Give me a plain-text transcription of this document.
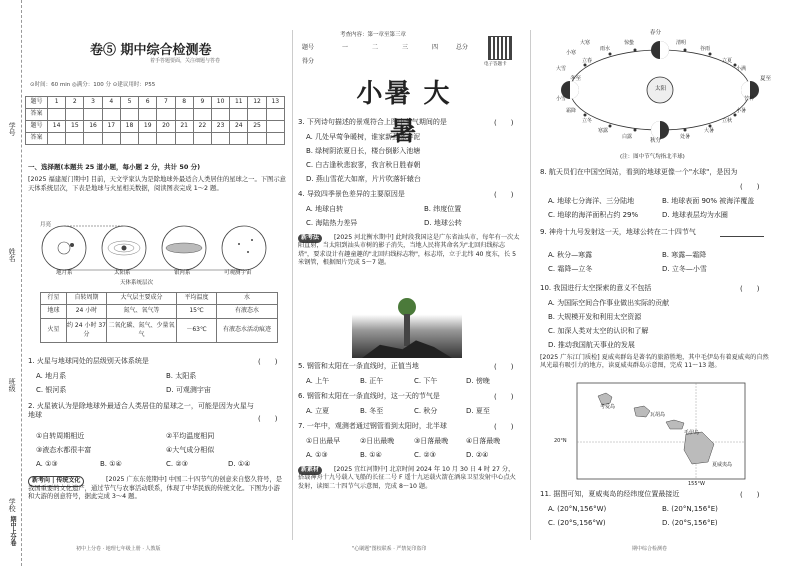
学号
姓名
班级
学校
期中上分卷
卷⑤ 期中综合检测卷
着手答题要面，关注细题与答卷
⊙时间：60 min ◎满分：100 分 ⊙建议用时：P55
题号	1	2	3	4	5	6	7	8	9	10	11	12	13
答案													
题号	14	15	16	17	18	19	20	21	22	23	24	25	
答案													
一、选择题(本题共 25 道小题，每小题 2 分，共计 50 分)
[2025 福建厦门期中] 目前，天文学家认为是除地球外最适合人类居住的星球之一。下图示意天体系统层次，下表是地球与火星相关数据，阅读图表完成 1～2 题。
月亮
地月系	太阳系	银河系	可观测宇宙
天体系统层次
行星	自转周期	大气层主要成分	平均温度	水
地球	24 小时	氮气、氧气等	15℃	有液态水
火星	约 24 小时 37 分	二氧化碳、氮气、少量氧气	－63℃	有液态水活动痕迹
1. 火星与地球同处的层级别天体系统是	(　　)
A. 地月系	B. 太阳系
C. 银河系	D. 可观测宇宙
2. 火星被认为是除地球外最适合人类居住的星球之一，可能是因为火星与地球	(　　)
①自转周期相近	②平均温度相同
③液态水都很丰富	④大气成分相似
A. ①③	B. ①④	C. ②③	D. ①④
新考向 | 传统文化	[2025 广东东莞期中] 中国二十四节气的创意来自悠久符号，是我国重要的文化遗产，通过节气与农事活动联系，体现了中华民族的传统文化。下图为小游和大游的创意符号，据此完成 3～4 题。
初中上分卷 · 地理七年级上册 · 人教版
考查内容：第一章至第三章
题号	一	二	三	四	总分
得分	电子答题卡
小暑 大暑
3. 下列诗句描述的景观符合上图中节气期间的是	(　　)
A. 几处早莺争暖树，谁家新燕啄春泥
B. 绿树阴浓夏日长，楼台倒影入池塘
C. 白古逢秋悲寂寥，我言秋日胜春朝
D. 燕山雪花大如席，片片吹落轩辕台
4. 导致四季景色差异的主要原因是	(　　)
A. 地球自转	B. 纬度位置
C. 海陆热力差异	D. 地球公转
新考法	[2025 河北衡水期中] 此时段我国这是广东省汕头市，每年有一次太阳直射，当太阳到汕头市树的影子消失，当地人民将其命名为"北回归线标志塔"，要求设计有趣童趣的"北回归线标志物"，标志塔，立于北纬 40 度东，长 5 米钢管，根据图片完成 5～7 题。
5. 钢管和太阳在一条直线时，正值当地	(　　)
A. 上午	B. 正午	C. 下午	D. 傍晚
6. 钢管和太阳在一条直线时，这一天的节气是	(　　)
A. 立夏	B. 冬至	C. 秋分	D. 夏至
7. 一年中，观测者通过钢管看到太阳时，北半球	(　　)
①日出最早	②日出最晚	③日落最晚	④日落最晚
A. ①③	B. ①④	C. ②③	D. ②④
新素材	[2025 宜红河期中] 北京时间 2024 年 10 月 30 日 4 时 27 分，搭载神舟十九号载人飞船的长征二号 F 遥十九运载火箭在酒泉卫星发射中心点火发射，读图二十四节气示意图，完成 8～10 题。
"心刷题"图校联系 · 严禁复印盗印
冬至	夏至
春分
秋分
太阳
立春	立夏
立秋
立冬
雨水
惊蛰	清明
谷雨
小满
芒种
小暑
大暑
处暑
白露
寒露
霜降
小雪
大雪
小寒
大寒
(注：图中节气均指北半球)
8. 航天员们在中国空间站，看到的地球更像一个"水球"，是因为
(　　)
A. 地球七分海洋、三分陆地	B. 地球表面 90% 被海洋覆盖
C. 地球的海洋面积占约 29%	D. 地球表层均为水圈
9. 神舟十九号发射这一天，地球公转在二十四节气
A. 秋分—寒露	B. 寒露—霜降
C. 霜降—立冬	D. 立冬—小雪
10. 我国进行太空探索的意义不包括	(　　)
A. 为国际空间合作事业做出实际的贡献
B. 大规模开发和利用太空资源
C. 加深人类对太空的认识和了解
D. 推动我国航天事业的发展
[2025 广东江门质检] 夏威夷群岛是著名的旅游胜地，其中毛伊岛有着夏威夷的自然风光最有吸引力的地方，读夏威夷群岛示意图，完成 11～13 题。
考爱岛
瓦胡岛
毛伊岛
夏威夷岛
20°N
155°W
11. 据图可知，夏威夷岛的经纬度位置最接近	(　　)
A. (20°N,156°W)	B. (20°N,156°E)
C. (20°S,156°W)	D. (20°S,156°E)
期中综合检测卷
